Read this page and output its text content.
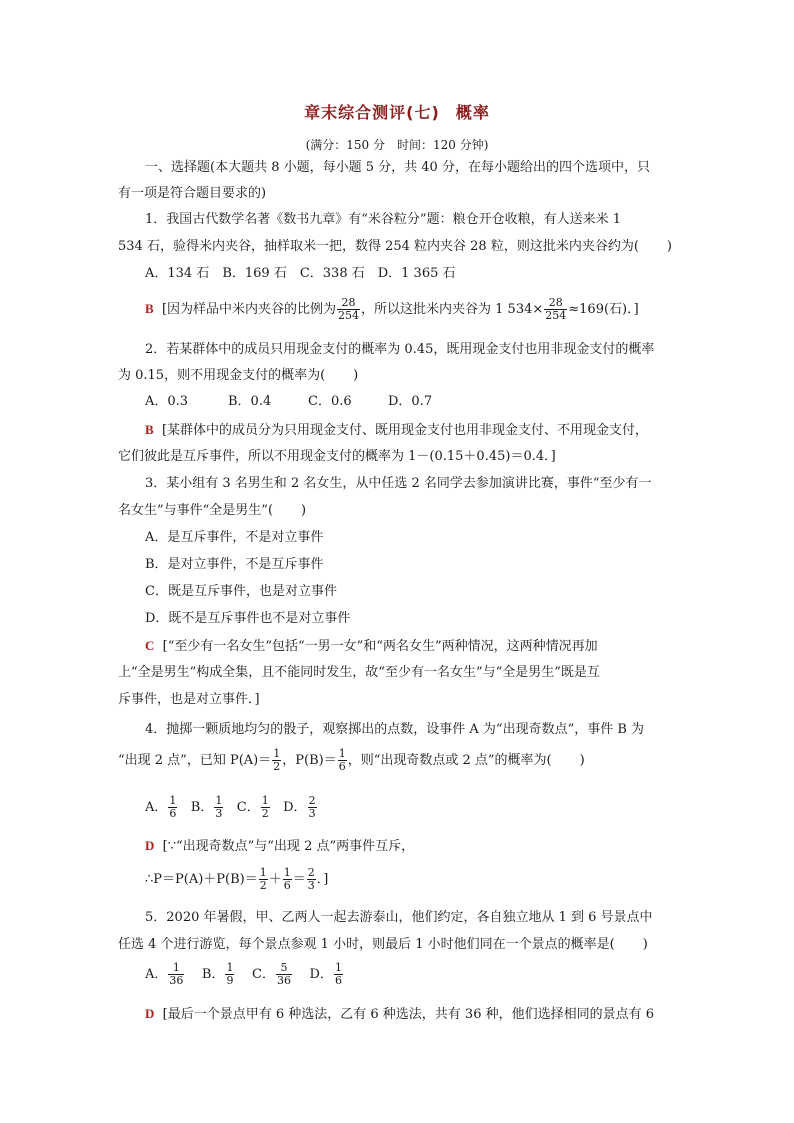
章末综合测评(七) 概率
(满分：150 分　时间：120 分钟)
一、选择题(本大题共 8 小题，每小题 5 分，共 40 分，在每小题给出的四个选项中，只
有一项是符合题目要求的)
1．我国古代数学名著《数书九章》有“米谷粒分”题：粮仓开仓收粮，有人送来米 1
534 石，验得米内夹谷，抽样取米一把，数得 254 粒内夹谷 28 粒，则这批米内夹谷约为( )
A．134 石　B．169 石　C．338 石　D．1 365 石
B [因为样品中米内夹谷的比例为 $\frac{28}{254}$ ，所以这批米内夹谷为 1 $534\times \frac{28}{254} \approx 169$(石)．]
2．若某群体中的成员只用现金支付的概率为 0.45，既用现金支付也用非现金支付的概率
为 0.15，则不用现金支付的概率为( )
A．0.3	B．0.4	C．0.6	D．0.7
B [某群体中的成员分为只用现金支付、既用现金支付也用非现金支付、不用现金支付，
它们彼此是互斥事件，所以不用现金支付的概率为 1－(0.15＋0.45)＝0.4．]
3．某小组有 3 名男生和 2 名女生，从中任选 2 名同学去参加演讲比赛，事件“至少有一
名女生”与事件“全是男生”( )
A．是互斥事件，不是对立事件
B．是对立事件，不是互斥事件
C．既是互斥事件，也是对立事件
D．既不是互斥事件也不是对立事件
C [“至少有一名女生”包括“一男一女”和“两名女生”两种情况，这两种情况再加
上“全是男生”构成全集，且不能同时发生，故“至少有一名女生”与“全是男生”既是互
斥事件，也是对立事件．]
4．抛掷一颗质地均匀的骰子，观察掷出的点数，设事件 A 为“出现奇数点”，事件 B 为
“出现 2 点”，已知 $P(A)= \frac{1}{2}$ ，$P(B)= \frac{1}{6}$ ，则“出现奇数点或 2 点”的概率为( )
A． $\frac{1}{6}$ B． $\frac{1}{3}$ C． $\frac{1}{2}$ D． $\frac{2}{3}$
D [∵“出现奇数点”与“出现 2 点”两事件互斥，
∴P＝P(A)＋P(B)＝ $\frac{1}{2} + \frac{1}{6} = \frac{2}{3}$ ．]
5．2020 年暑假，甲、乙两人一起去游泰山，他们约定，各自独立地从 1 到 6 号景点中
任选 4 个进行游览，每个景点参观 1 小时，则最后 1 小时他们同在一个景点的概率是( )
A． $\frac{1}{36}$ B． $\frac{1}{9}$ C． $\frac{5}{36}$ D． $\frac{1}{6}$
D [最后一个景点甲有 6 种选法，乙有 6 种选法，共有 36 种，他们选择相同的景点有 6
